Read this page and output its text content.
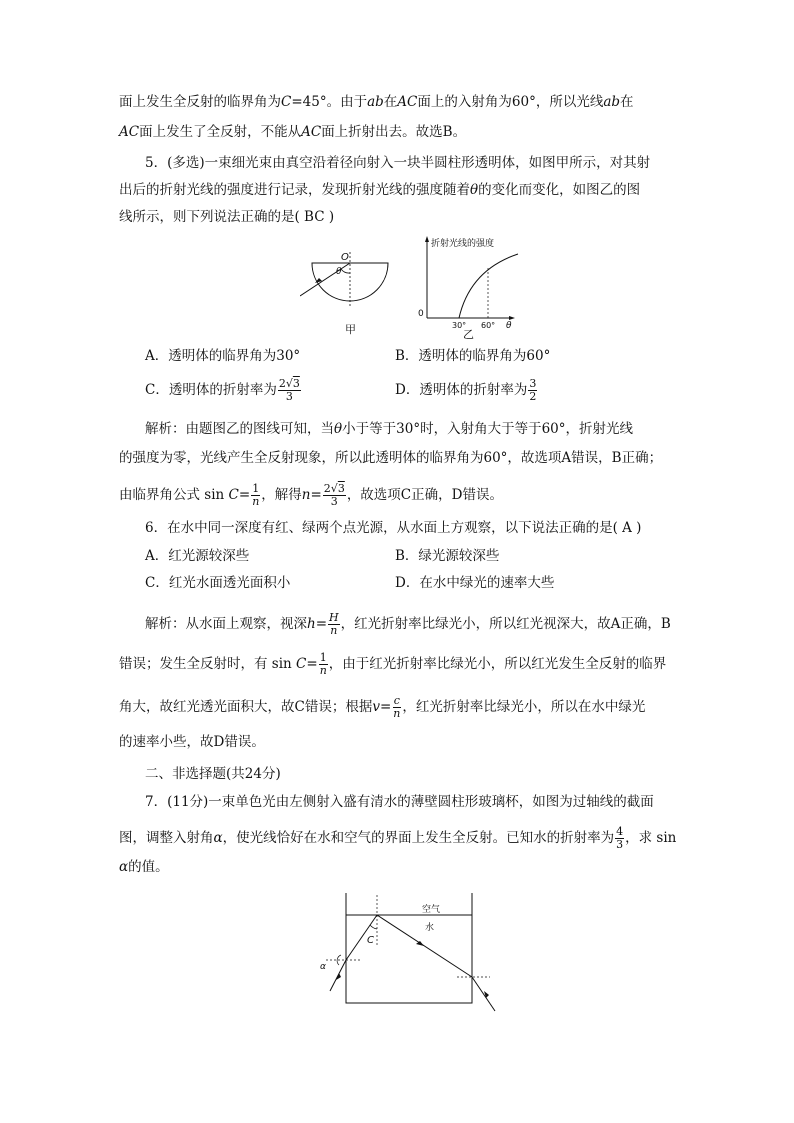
面上发生全反射的临界角为C=45°。由于ab在AC面上的入射角为60°，所以光线ab在
AC面上发生了全反射，不能从AC面上折射出去。故选B。
5．(多选)一束细光束由真空沿着径向射入一块半圆柱形透明体，如图甲所示，对其射
出后的折射光线的强度进行记录，发现折射光线的强度随着θ的变化而变化，如图乙的图
线所示，则下列说法正确的是( BC )
O
θ
甲
折射光线的强度
0
30° 60° θ
乙
A．透明体的临界角为30°	B．透明体的临界角为60°
C．透明体的折射率为 $\frac{2√3}{3}$	D．透明体的折射率为 $\frac{3}{2}$
解析：由题图乙的图线可知，当θ小于等于30°时，入射角大于等于60°，折射光线
的强度为零，光线产生全反射现象，所以此透明体的临界角为60°，故选项A错误，B正确；
由临界角公式 $\sin C= \frac{1}{n}$ ，解得$n= \frac{2√3}{3}$ ，故选项C正确，D错误。
6．在水中同一深度有红、绿两个点光源，从水面上方观察，以下说法正确的是( A )
A．红光源较深些	B．绿光源较深些
C．红光水面透光面积小	D．在水中绿光的速率大些
解析：从水面上观察，视深$h= \frac{H}{n}$ ，红光折射率比绿光小，所以红光视深大，故A正确，B
错误；发生全反射时，有 $\sin C= \frac{1}{n}$ ，由于红光折射率比绿光小，所以红光发生全反射的临界
角大，故红光透光面积大，故C错误；根据$v= \frac{c}{n}$ ，红光折射率比绿光小，所以在水中绿光
的速率小些，故D错误。
二、非选择题(共24分)
7．(11分)一束单色光由左侧射入盛有清水的薄壁圆柱形玻璃杯，如图为过轴线的截面
图，调整入射角α，使光线恰好在水和空气的界面上发生全反射。已知水的折射率为 $\frac{4}{3}$ ，求 sin
α的值。
空气
水
C
α
